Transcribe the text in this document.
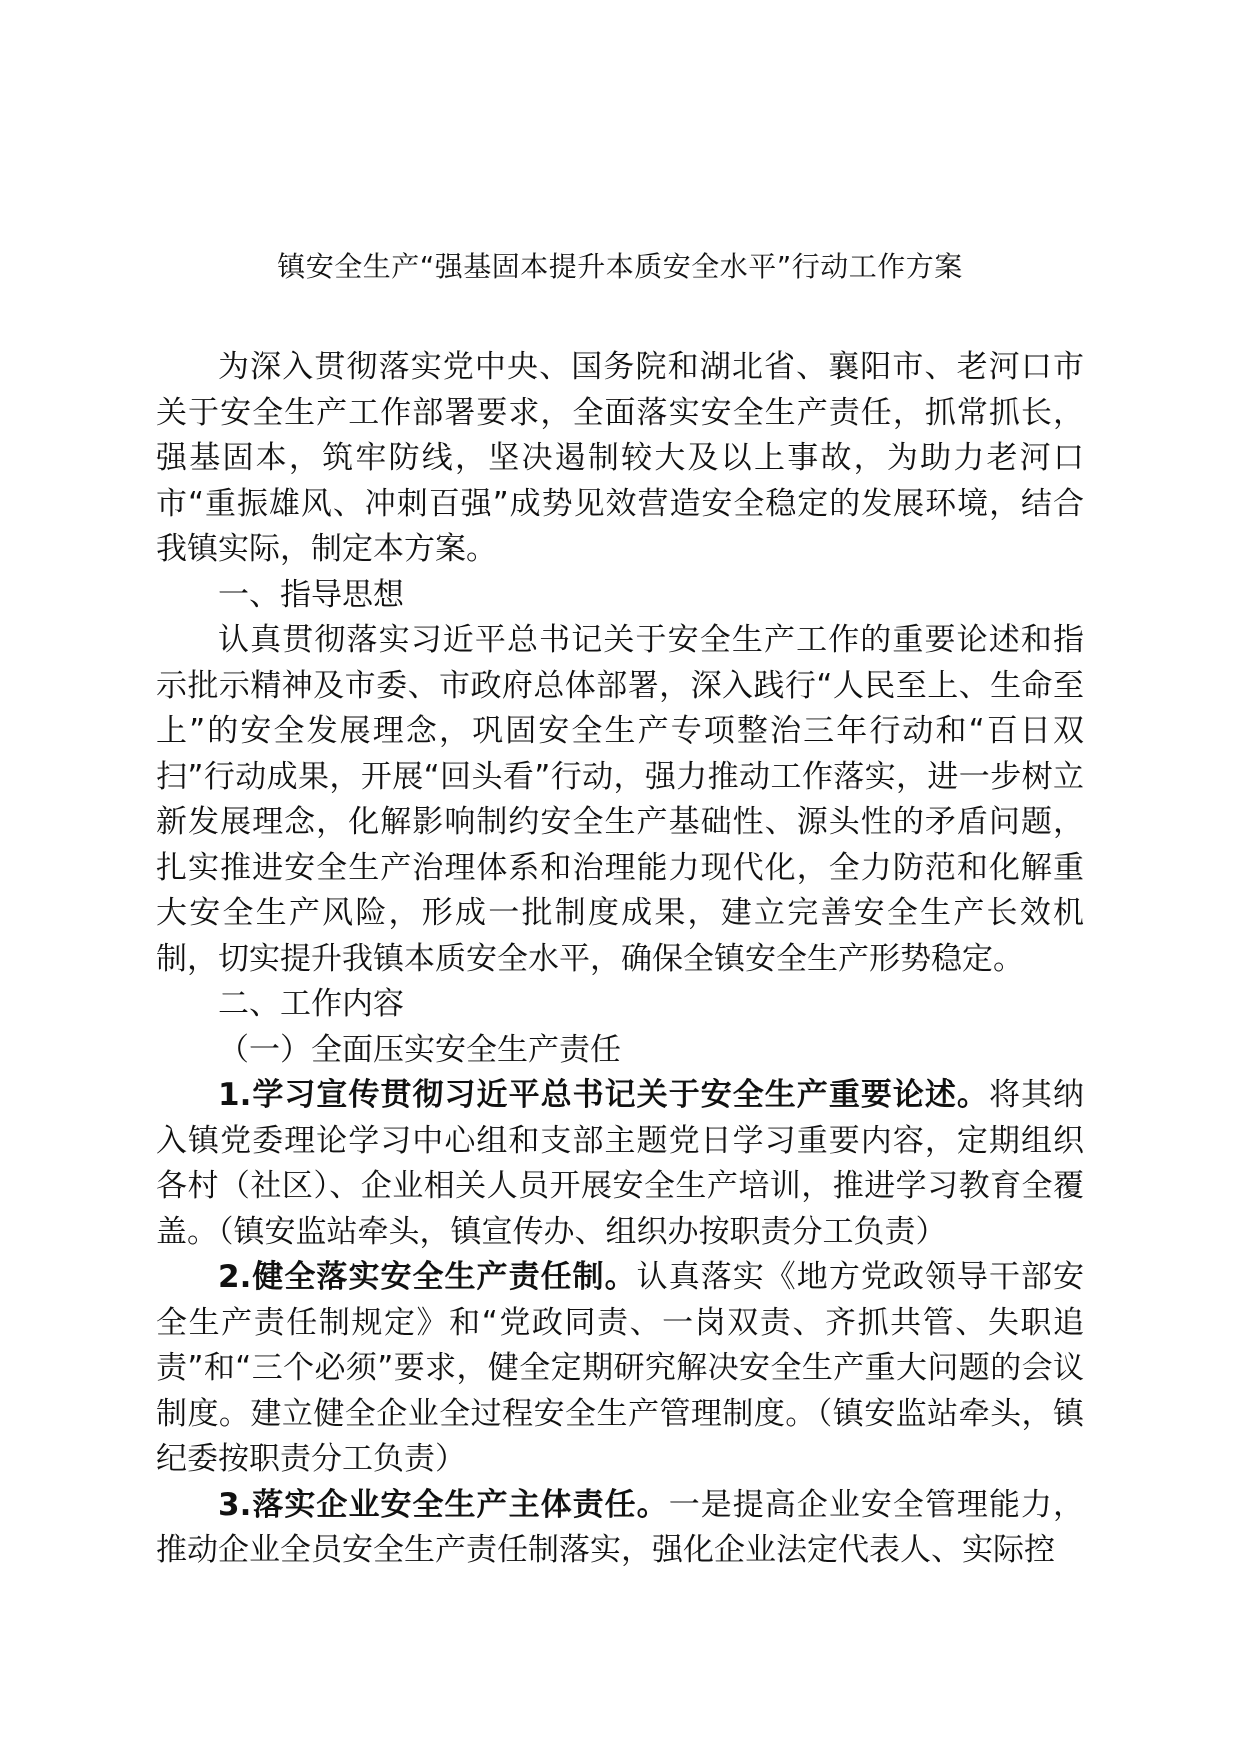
镇安全生产“强基固本提升本质安全水平”行动工作方案

为深入贯彻落实党中央、国务院和湖北省、襄阳市、老河口市关于安全生产工作部署要求，全面落实安全生产责任，抓常抓长，强基固本，筑牢防线，坚决遏制较大及以上事故，为助力老河口市“重振雄风、冲刺百强”成势见效营造安全稳定的发展环境，结合我镇实际，制定本方案。

一、指导思想

认真贯彻落实习近平总书记关于安全生产工作的重要论述和指示批示精神及市委、市政府总体部署，深入践行“人民至上、生命至上”的安全发展理念，巩固安全生产专项整治三年行动和“百日双扫”行动成果，开展“回头看”行动，强力推动工作落实，进一步树立新发展理念，化解影响制约安全生产基础性、源头性的矛盾问题，扎实推进安全生产治理体系和治理能力现代化，全力防范和化解重大安全生产风险，形成一批制度成果，建立完善安全生产长效机制，切实提升我镇本质安全水平，确保全镇安全生产形势稳定。

二、工作内容

（一）全面压实安全生产责任

1.学习宣传贯彻习近平总书记关于安全生产重要论述。将其纳入镇党委理论学习中心组和支部主题党日学习重要内容，定期组织各村（社区）、企业相关人员开展安全生产培训，推进学习教育全覆盖。（镇安监站牵头，镇宣传办、组织办按职责分工负责）

2.健全落实安全生产责任制。认真落实《地方党政领导干部安全生产责任制规定》和“党政同责、一岗双责、齐抓共管、失职追责”和“三个必须”要求，健全定期研究解决安全生产重大问题的会议制度。建立健全企业全过程安全生产管理制度。（镇安监站牵头，镇纪委按职责分工负责）

3.落实企业安全生产主体责任。一是提高企业安全管理能力，推动企业全员安全生产责任制落实，强化企业法定代表人、实际控
